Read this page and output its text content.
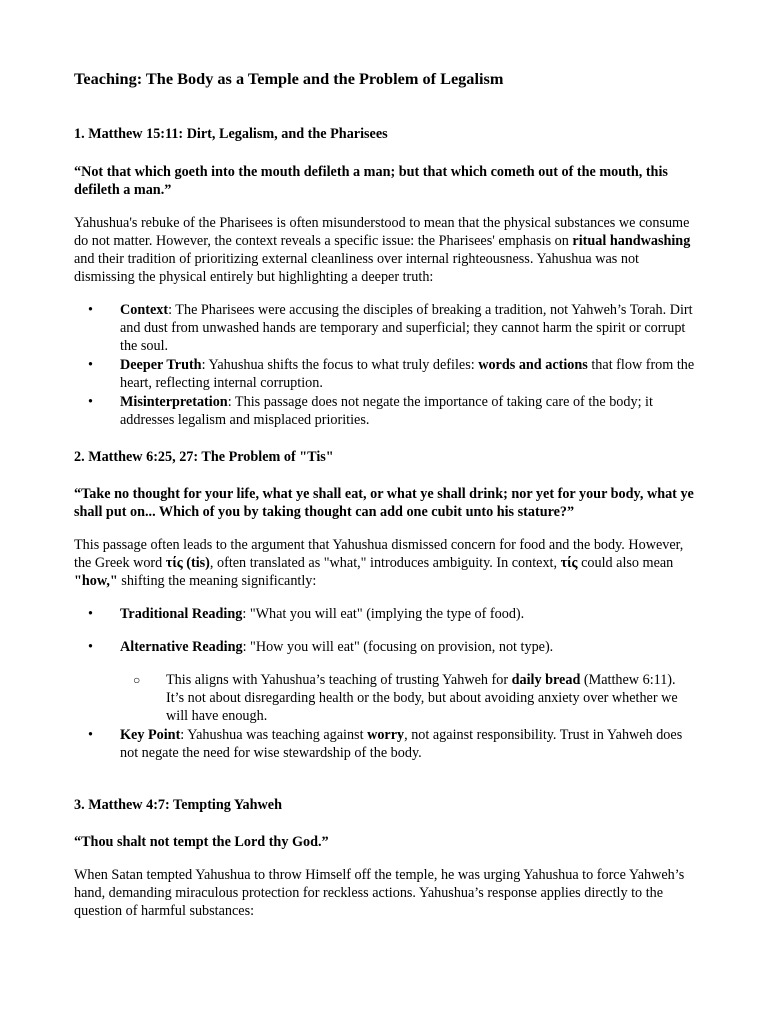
Teaching: The Body as a Temple and the Problem of Legalism
1. Matthew 15:11: Dirt, Legalism, and the Pharisees
“Not that which goeth into the mouth defileth a man; but that which cometh out of the mouth, this defileth a man.”
Yahushua's rebuke of the Pharisees is often misunderstood to mean that the physical substances we consume do not matter. However, the context reveals a specific issue: the Pharisees' emphasis on ritual handwashing and their tradition of prioritizing external cleanliness over internal righteousness. Yahushua was not dismissing the physical entirely but highlighting a deeper truth:
•	Context: The Pharisees were accusing the disciples of breaking a tradition, not Yahweh’s Torah. Dirt and dust from unwashed hands are temporary and superficial; they cannot harm the spirit or corrupt the soul.
•	Deeper Truth: Yahushua shifts the focus to what truly defiles: words and actions that flow from the heart, reflecting internal corruption.
•	Misinterpretation: This passage does not negate the importance of taking care of the body; it addresses legalism and misplaced priorities.
2. Matthew 6:25, 27: The Problem of "Tis"
“Take no thought for your life, what ye shall eat, or what ye shall drink; nor yet for your body, what ye shall put on... Which of you by taking thought can add one cubit unto his stature?”
This passage often leads to the argument that Yahushua dismissed concern for food and the body. However, the Greek word τίς (tis), often translated as "what," introduces ambiguity. In context, τίς could also mean "how," shifting the meaning significantly:
•	Traditional Reading: "What you will eat" (implying the type of food).
•	Alternative Reading: "How you will eat" (focusing on provision, not type).
○ This aligns with Yahushua’s teaching of trusting Yahweh for daily bread (Matthew 6:11). It’s not about disregarding health or the body, but about avoiding anxiety over whether we will have enough.
•	Key Point: Yahushua was teaching against worry, not against responsibility. Trust in Yahweh does not negate the need for wise stewardship of the body.
3. Matthew 4:7: Tempting Yahweh
“Thou shalt not tempt the Lord thy God.”
When Satan tempted Yahushua to throw Himself off the temple, he was urging Yahushua to force Yahweh’s hand, demanding miraculous protection for reckless actions. Yahushua’s response applies directly to the question of harmful substances:
